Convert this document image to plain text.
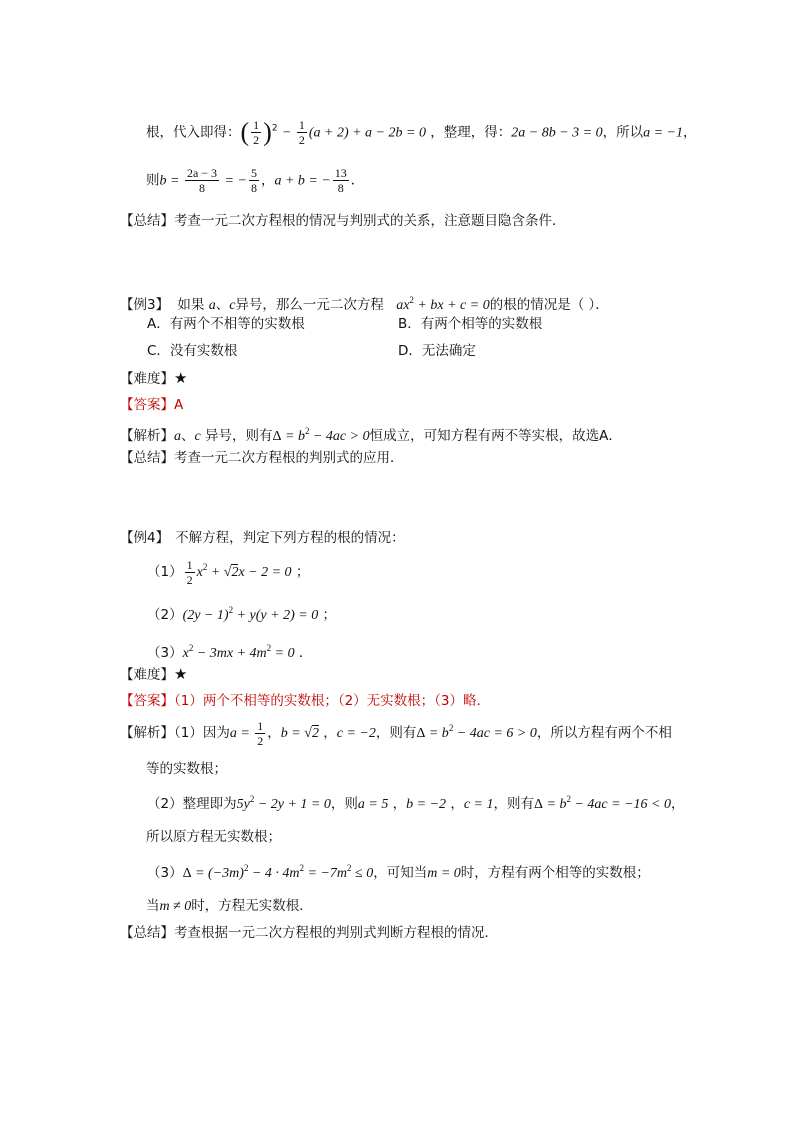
根，代入即得：( $\frac{1}{2} )^2 - \frac{1}{2} (a + 2) + a - 2b = 0$ ，整理，得：2a − 8b − 3 = 0，所以a = −1，
则$b = \frac{2a - 3}{8}$ = − $\frac{5}{8}$ ，a + b = − $\frac{13}{8}$ ．
【总结】考查一元二次方程根的情况与判别式的关系，注意题目隐含条件．
【例3】 如果 a、c异号，那么一元二次方程 $ax^2$ + bx + c = 0的根的情况是（ ）．
A．有两个不相等的实数根	B．有两个相等的实数根
C．没有实数根	D．无法确定
【难度】★
【答案】A
【解析】a、c 异号，则有$\Delta = b^2 - 4ac > 0$恒成立，可知方程有两不等实根，故选A．
【总结】考查一元二次方程根的判别式的应用．
【例4】 不解方程，判定下列方程的根的情况：
$(1) \frac{1}{2} x^2 + √2x - 2 = 0$ ；
$(2)(2y - 1)^2 + y(y + 2) = 0$ ；
$(3)x^2 - 3mx + 4m^2 = 0$ ．
【难度】★
【答案】（1）两个不相等的实数根；（2）无实数根；（3）略．
【解析】（1）因为$a = \frac{1}{2}$ ，b = √2 ，c = −2，则有$\Delta = b^2 - 4ac = 6 > 0$，所以方程有两个不相
等的实数根；
（2）整理即为$5y^2 - 2y + 1 = 0$，则a = 5 ，b = −2 ，c = 1，则有$\Delta = b^2 - 4ac = -16 < 0$，
所以原方程无实数根；
$(3)\Delta = (-3m)^2 - 4 \cdot 4m^2 = -7m^2 \le 0$，可知当m = 0时，方程有两个相等的实数根；
当m ≠ 0时，方程无实数根．
【总结】考查根据一元二次方程根的判别式判断方程根的情况．
